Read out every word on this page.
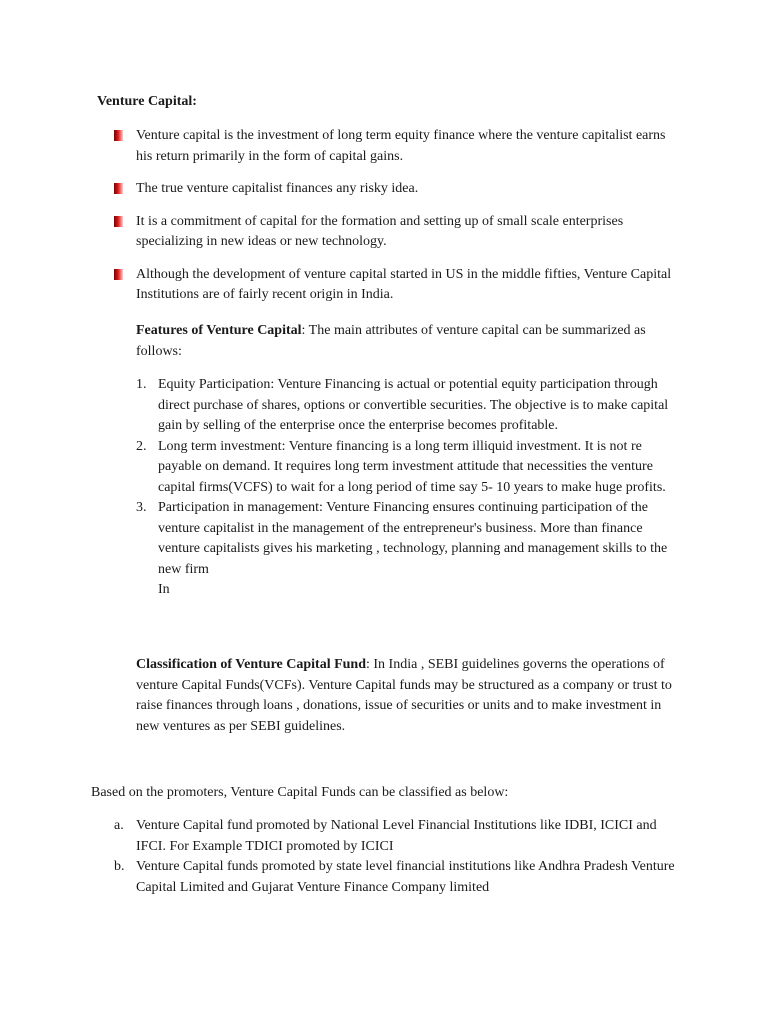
Venture Capital:
Venture capital is the investment of long term equity finance where the venture capitalist earns his return primarily in the form of capital gains.
The true venture capitalist finances any risky idea.
It is a commitment of capital for the formation and setting up of small scale enterprises specializing in new ideas or new technology.
Although the development of venture capital started in US in the middle fifties, Venture Capital Institutions are of fairly recent origin in India.
Features of Venture Capital: The main attributes of venture capital can be summarized as follows:
1. Equity Participation: Venture Financing is actual or potential equity participation through direct purchase of shares, options or convertible securities. The objective is to make capital gain by selling of the enterprise once the enterprise becomes profitable.
2. Long term investment: Venture financing is a long term illiquid investment. It is not re payable on demand. It requires long term investment attitude that necessities the venture capital firms(VCFS) to wait for a long period of time say 5- 10 years to make huge profits.
3. Participation in management: Venture Financing ensures continuing participation of the venture capitalist in the management of the entrepreneur's business. More than finance venture capitalists gives his marketing , technology, planning and management skills to the new firm
In
Classification of Venture Capital Fund: In India , SEBI guidelines governs the operations of venture Capital Funds(VCFs). Venture Capital funds may be structured as a company or trust to raise finances through loans , donations, issue of securities or units and to make investment in new ventures as per SEBI guidelines.
Based on the promoters, Venture Capital Funds can be classified as below:
a. Venture Capital fund promoted by National Level Financial Institutions like IDBI, ICICI and IFCI. For Example TDICI promoted by ICICI
b. Venture Capital funds promoted by state level financial institutions like Andhra Pradesh Venture Capital Limited and Gujarat Venture Finance Company limited
